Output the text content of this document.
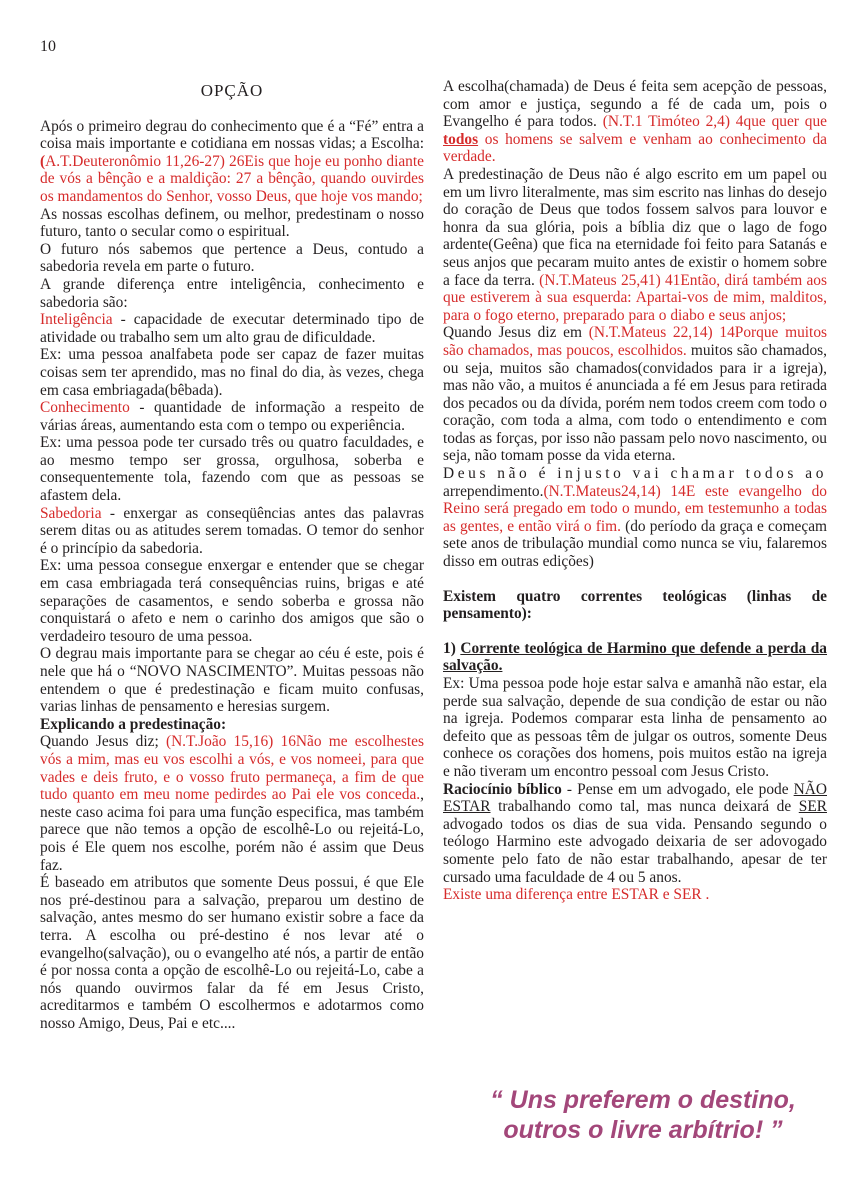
10

OPÇÃO

Após o primeiro degrau do conhecimento que é a “Fé” entra a coisa mais importante e cotidiana em nossas vidas; a Escolha: (A.T.Deuteronômio 11,26-27) 26Eis que hoje eu ponho diante de vós a bênção e a maldição: 27 a bênção, quando ouvirdes os mandamentos do Senhor, vosso Deus, que hoje vos mando;

As nossas escolhas definem, ou melhor, predestinam o nosso futuro, tanto o secular como o espiritual.

O futuro nós sabemos que pertence a Deus, contudo a sabedoria revela em parte o futuro.

A grande diferença entre inteligência, conhecimento e sabedoria são:

Inteligência - capacidade de executar determinado tipo de atividade ou trabalho sem um alto grau de dificuldade.

Ex: uma pessoa analfabeta pode ser capaz de fazer muitas coisas sem ter aprendido, mas no final do dia, às vezes, chega em casa embriagada(bêbada).

Conhecimento - quantidade de informação a respeito de várias áreas, aumentando esta com o tempo ou experiência.

Ex: uma pessoa pode ter cursado três ou quatro faculdades, e ao mesmo tempo ser grossa, orgulhosa, soberba e consequentemente tola, fazendo com que as pessoas se afastem dela.

Sabedoria - enxergar as conseqüências antes das palavras serem ditas ou as atitudes serem tomadas. O temor do senhor é o princípio da sabedoria.

Ex: uma pessoa consegue enxergar e entender que se chegar em casa embriagada terá consequências ruins, brigas e até separações de casamentos, e sendo soberba e grossa não conquistará o afeto e nem o carinho dos amigos que são o verdadeiro tesouro de uma pessoa.

O degrau mais importante para se chegar ao céu é este, pois é nele que há o “NOVO NASCIMENTO”. Muitas pessoas não entendem o que é predestinação e ficam muito confusas, varias linhas de pensamento e heresias surgem.

Explicando a predestinação:

Quando Jesus diz; (N.T.João 15,16) 16Não me escolhestes vós a mim, mas eu vos escolhi a vós, e vos nomeei, para que vades e deis fruto, e o vosso fruto permaneça, a fim de que tudo quanto em meu nome pedirdes ao Pai ele vos conceda., neste caso acima foi para uma função especifica, mas também parece que não temos a opção de escolhê-Lo ou rejeitá-Lo, pois é Ele quem nos escolhe, porém não é assim que Deus faz.

É baseado em atributos que somente Deus possui, é que Ele nos pré-destinou para a salvação, preparou um destino de salvação, antes mesmo do ser humano existir sobre a face da terra. A escolha ou pré-destino é nos levar até o evangelho(salvação), ou o evangelho até nós, a partir de então é por nossa conta a opção de escolhê-Lo ou rejeitá-Lo, cabe a nós quando ouvirmos falar da fé em Jesus Cristo, acreditarmos e também O escolhermos e adotarmos como nosso Amigo, Deus, Pai e etc....

A escolha(chamada) de Deus é feita sem acepção de pessoas, com amor e justiça, segundo a fé de cada um, pois o Evangelho é para todos. (N.T.1 Timóteo 2,4) 4que quer que todos os homens se salvem e venham ao conhecimento da verdade.

A predestinação de Deus não é algo escrito em um papel ou em um livro literalmente, mas sim escrito nas linhas do desejo do coração de Deus que todos fossem salvos para louvor e honra da sua glória, pois a bíblia diz que o lago de fogo ardente(Geêna) que fica na eternidade foi feito para Satanás e seus anjos que pecaram muito antes de existir o homem sobre a face da terra. (N.T.Mateus 25,41) 41Então, dirá também aos que estiverem à sua esquerda: Apartai-vos de mim, malditos, para o fogo eterno, preparado para o diabo e seus anjos;

Quando Jesus diz em (N.T.Mateus 22,14) 14Porque muitos são chamados, mas poucos, escolhidos. muitos são chamados, ou seja, muitos são chamados(convidados para ir a igreja), mas não vão, a muitos é anunciada a fé em Jesus para retirada dos pecados ou da dívida, porém nem todos creem com todo o coração, com toda a alma, com todo o entendimento e com todas as forças, por isso não passam pelo novo nascimento, ou seja, não tomam posse da vida eterna.

Deus não é injusto vai chamar todos ao arrependimento.(N.T.Mateus24,14) 14E este evangelho do Reino será pregado em todo o mundo, em testemunho a todas as gentes, e então virá o fim. (do período da graça e começam sete anos de tribulação mundial como nunca se viu, falaremos disso em outras edições)

Existem quatro correntes teológicas (linhas de pensamento):

1) Corrente teológica de Harmino que defende a perda da salvação.

Ex: Uma pessoa pode hoje estar salva e amanhã não estar, ela perde sua salvação, depende de sua condição de estar ou não na igreja. Podemos comparar esta linha de pensamento ao defeito que as pessoas têm de julgar os outros, somente Deus conhece os corações dos homens, pois muitos estão na igreja e não tiveram um encontro pessoal com Jesus Cristo.

Raciocínio bíblico - Pense em um advogado, ele pode NÃO ESTAR trabalhando como tal, mas nunca deixará de SER advogado todos os dias de sua vida. Pensando segundo o teólogo Harmino este advogado deixaria de ser adovogado somente pelo fato de não estar trabalhando, apesar de ter cursado uma faculdade de 4 ou 5 anos.

Existe uma diferença entre ESTAR e SER .

“ Uns preferem o destino,
outros o livre arbítrio! ”
